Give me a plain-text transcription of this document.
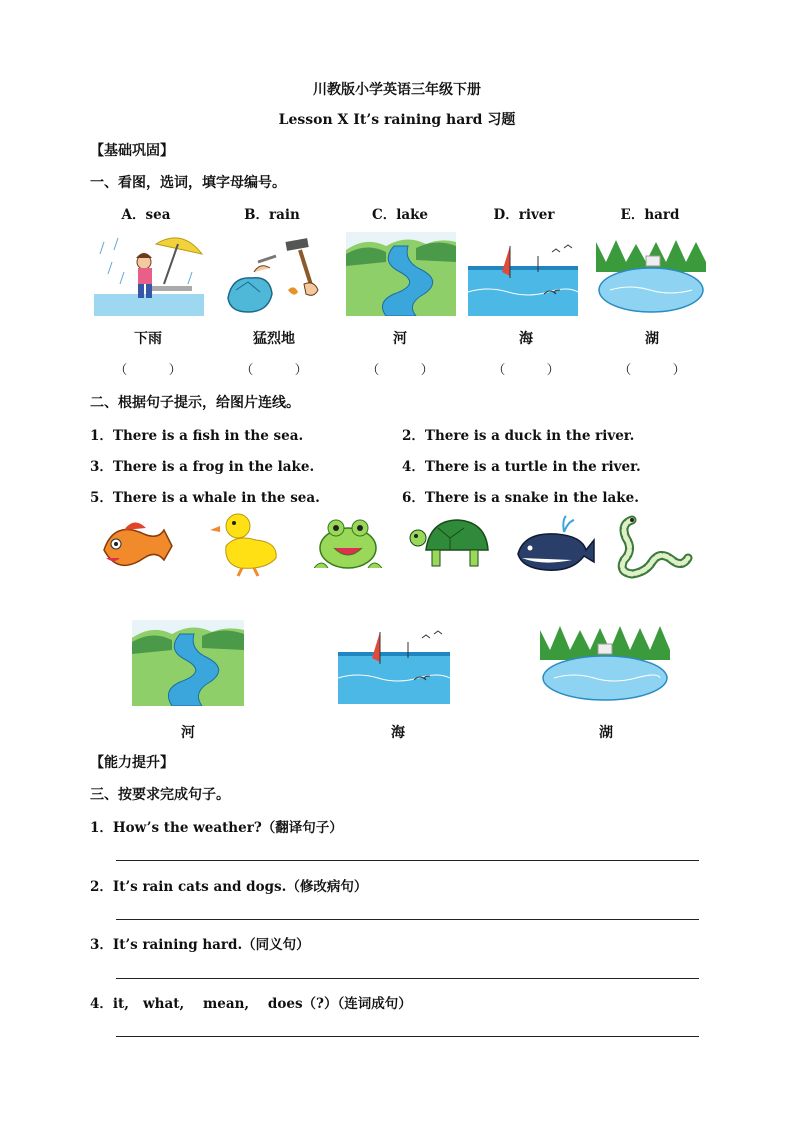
川教版小学英语三年级下册
Lesson X It’s raining hard 习题
【基础巩固】
一、看图，选词，填字母编号。
A．sea	B．rain	C．lake	D．river	E．hard
下雨	猛烈地	河	海	湖
（          ）	（          ）	（          ）	（          ）	（          ）
二、根据句子提示，给图片连线。
1．There is a fish in the sea.	2．There is a duck in the river.
3．There is a frog in the lake.	4．There is a turtle in the river.
5．There is a whale in the sea.	6．There is a snake in the lake.
河	海	湖
【能力提升】
三、按要求完成句子。
1．How’s the weather?（翻译句子）
2．It’s rain cats and dogs.（修改病句）
3．It’s raining hard.（同义句）
4．it,   what,    mean,    does（?）（连词成句）
